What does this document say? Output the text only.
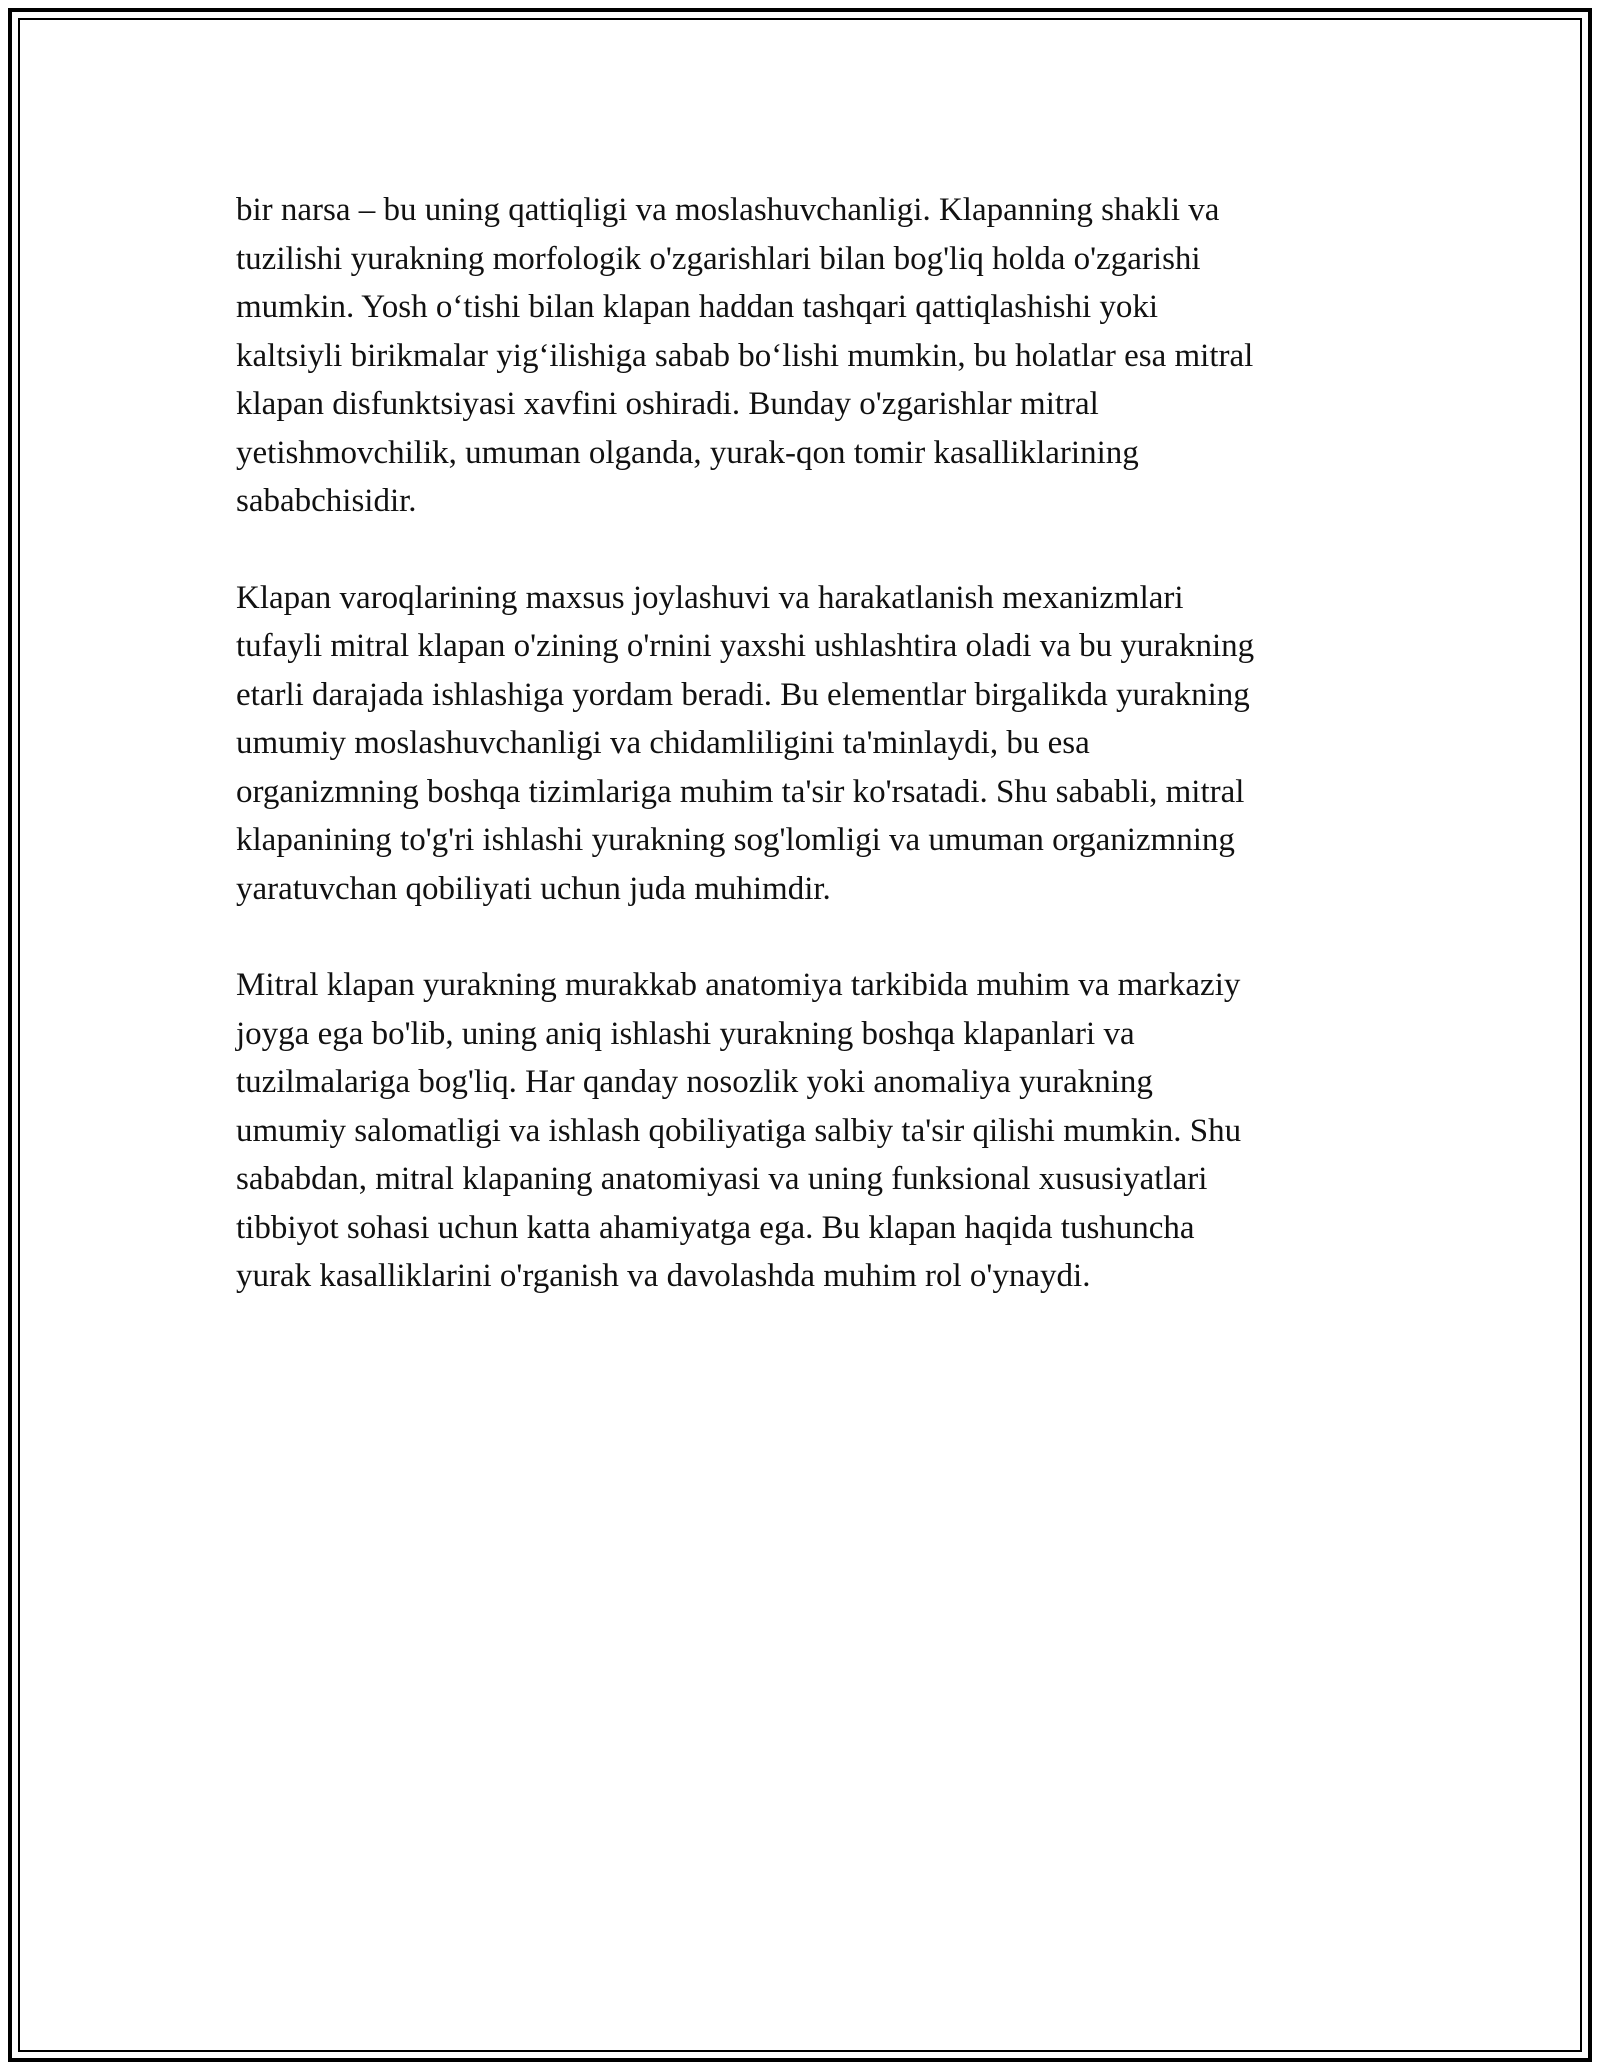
bir narsa – bu uning qattiqligi va moslashuvchanligi. Klapanning shakli va
tuzilishi yurakning morfologik o'zgarishlari bilan bog'liq holda o'zgarishi
mumkin. Yosh o‘tishi bilan klapan haddan tashqari qattiqlashishi yoki
kaltsiyli birikmalar yig‘ilishiga sabab bo‘lishi mumkin, bu holatlar esa mitral
klapan disfunktsiyasi xavfini oshiradi. Bunday o'zgarishlar mitral
yetishmovchilik, umuman olganda, yurak-qon tomir kasalliklarining
sababchisidir.

Klapan varoqlarining maxsus joylashuvi va harakatlanish mexanizmlari
tufayli mitral klapan o'zining o'rnini yaxshi ushlashtira oladi va bu yurakning
etarli darajada ishlashiga yordam beradi. Bu elementlar birgalikda yurakning
umumiy moslashuvchanligi va chidamliligini ta'minlaydi, bu esa
organizmning boshqa tizimlariga muhim ta'sir ko'rsatadi. Shu sababli, mitral
klapanining to'g'ri ishlashi yurakning sog'lomligi va umuman organizmning
yaratuvchan qobiliyati uchun juda muhimdir.

Mitral klapan yurakning murakkab anatomiya tarkibida muhim va markaziy
joyga ega bo'lib, uning aniq ishlashi yurakning boshqa klapanlari va
tuzilmalariga bog'liq. Har qanday nosozlik yoki anomaliya yurakning
umumiy salomatligi va ishlash qobiliyatiga salbiy ta'sir qilishi mumkin. Shu
sababdan, mitral klapaning anatomiyasi va uning funksional xususiyatlari
tibbiyot sohasi uchun katta ahamiyatga ega. Bu klapan haqida tushuncha
yurak kasalliklarini o'rganish va davolashda muhim rol o'ynaydi.
